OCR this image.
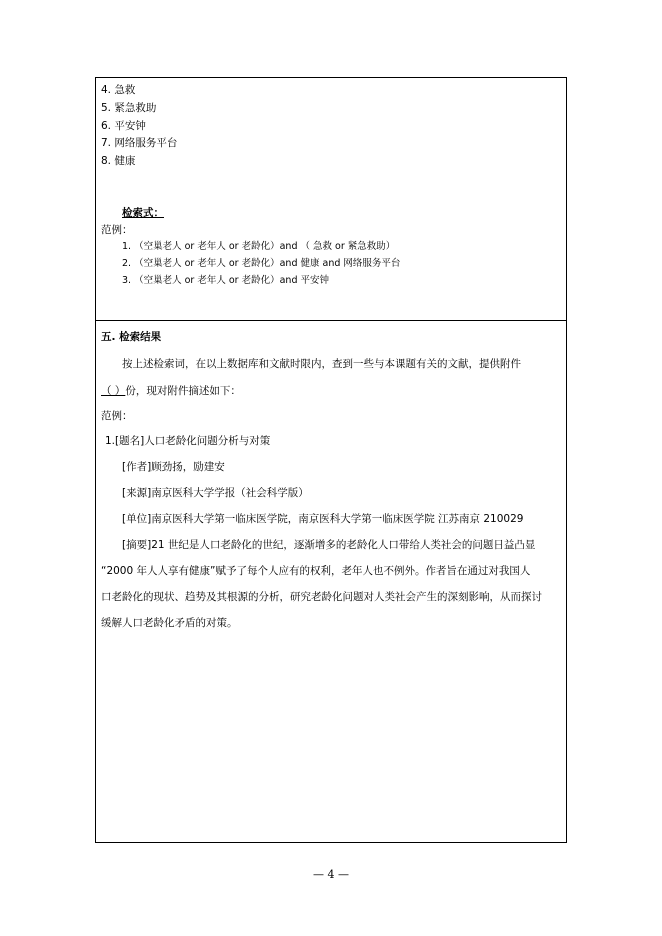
4. 急救
5. 紧急救助
6. 平安钟
7. 网络服务平台
8. 健康
检索式：
范例：
1. （空巢老人 or 老年人 or 老龄化）and （ 急救 or 紧急救助）
2. （空巢老人 or 老年人 or 老龄化）and 健康 and 网络服务平台
3. （空巢老人 or 老年人 or 老龄化）and 平安钟
五. 检索结果
按上述检索词，在以上数据库和文献时限内，查到一些与本课题有关的文献，提供附件
（ ）份，现对附件摘述如下：
范例：
1.[题名]人口老龄化问题分析与对策
[作者]顾劲扬，励建安
[来源]南京医科大学学报（社会科学版）
[单位]南京医科大学第一临床医学院，南京医科大学第一临床医学院 江苏南京 210029
[摘要]21 世纪是人口老龄化的世纪，逐渐增多的老龄化人口带给人类社会的问题日益凸显
“2000 年人人享有健康”赋予了每个人应有的权利，老年人也不例外。作者旨在通过对我国人
口老龄化的现状、趋势及其根源的分析，研究老龄化问题对人类社会产生的深刻影响，从而探讨
缓解人口老龄化矛盾的对策。
— 4 —
